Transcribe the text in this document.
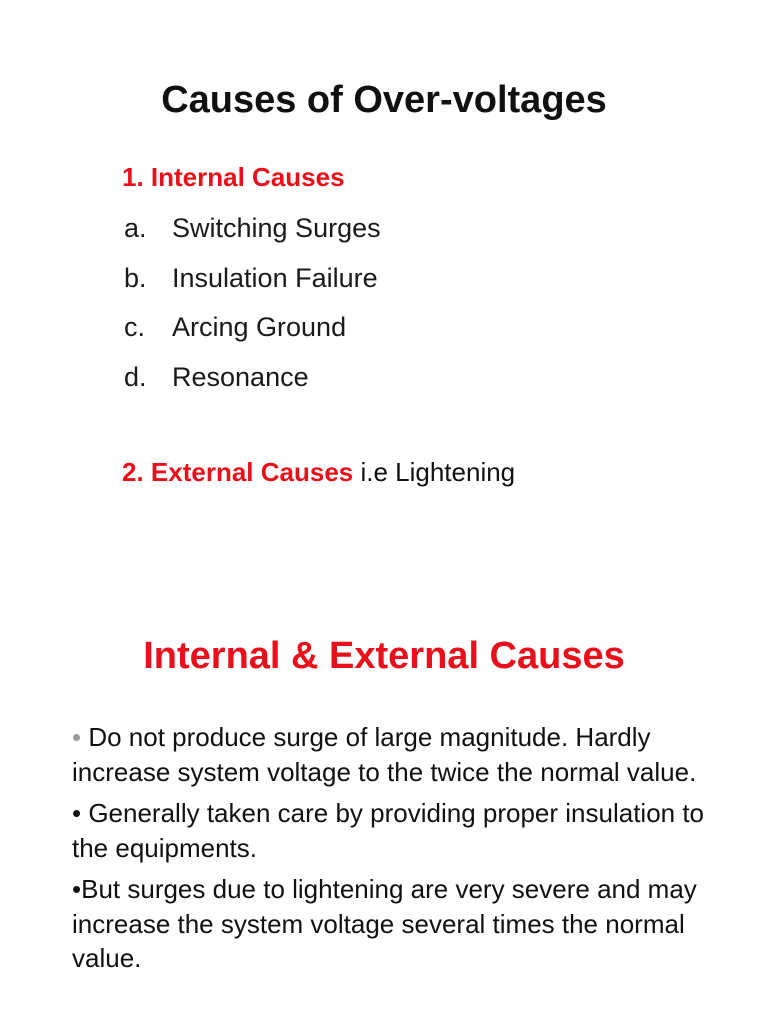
Causes of Over-voltages
1. Internal Causes
a. Switching Surges
b. Insulation Failure
c. Arcing Ground
d. Resonance
2. External Causes i.e Lightening
Internal & External Causes
• Do not produce surge of large magnitude. Hardly increase system voltage to the twice the normal value.
• Generally taken care by providing proper insulation to the equipments.
•But surges due to lightening are very severe and may increase the system voltage several times the normal value.
